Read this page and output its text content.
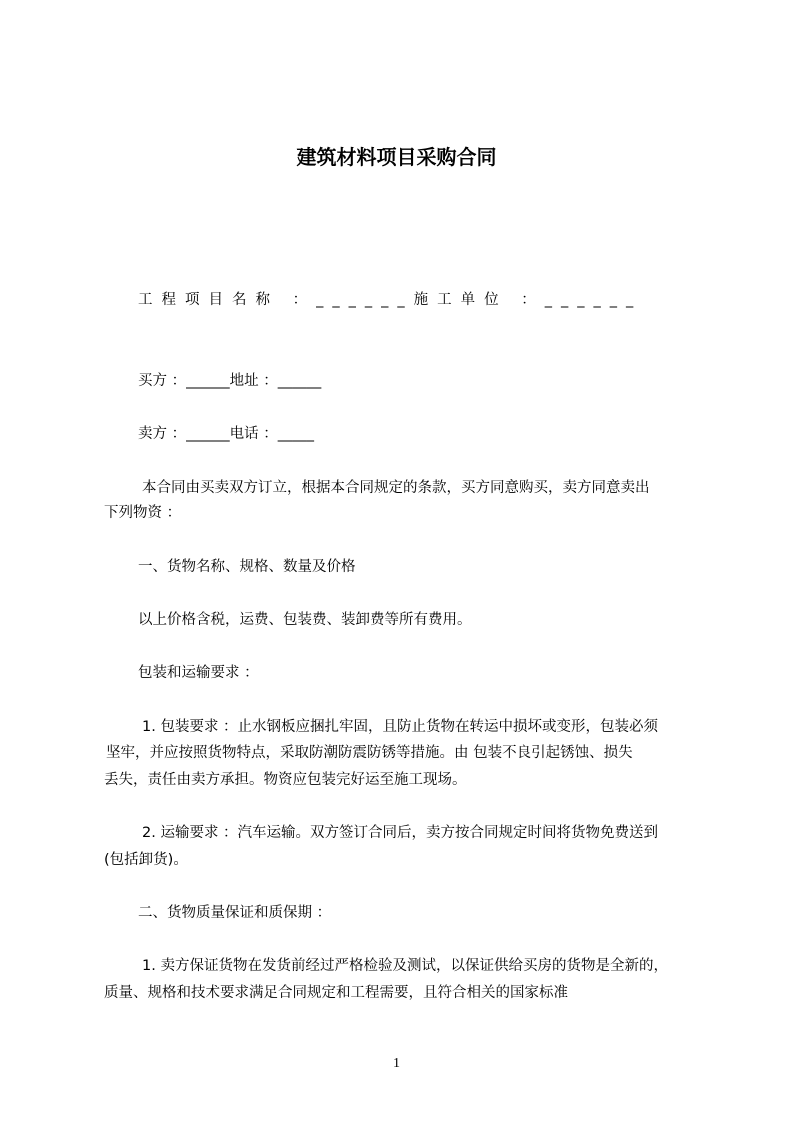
建筑材料项目采购合同

工程项目名称 ：______施工单位 ：______

买方 ：______地址 ：______

卖方 ：______电话 ：_____

本合同由买卖双方订立，根据本合同规定的条款，买方同意购买，卖方同意卖出

下列物资 ：

一、货物名称、规格、数量及价格

以上价格含税，运费、包装费、装卸费等所有费用。

包装和运输要求 ：

1. 包装要求 ：止水钢板应捆扎牢固，且防止货物在转运中损坏或变形，包装必须

坚牢，并应按照货物特点，采取防潮防震防锈等措施。由 包装不良引起锈蚀、损失

丢失，责任由卖方承担。物资应包装完好运至施工现场。

2. 运输要求 ：汽车运输。双方签订合同后，卖方按合同规定时间将货物免费送到

(包括卸货)。

二、货物质量保证和质保期 ：

1. 卖方保证货物在发货前经过严格检验及测试，以保证供给买房的货物是全新的，

质量、规格和技术要求满足合同规定和工程需要，且符合相关的国家标准

1
